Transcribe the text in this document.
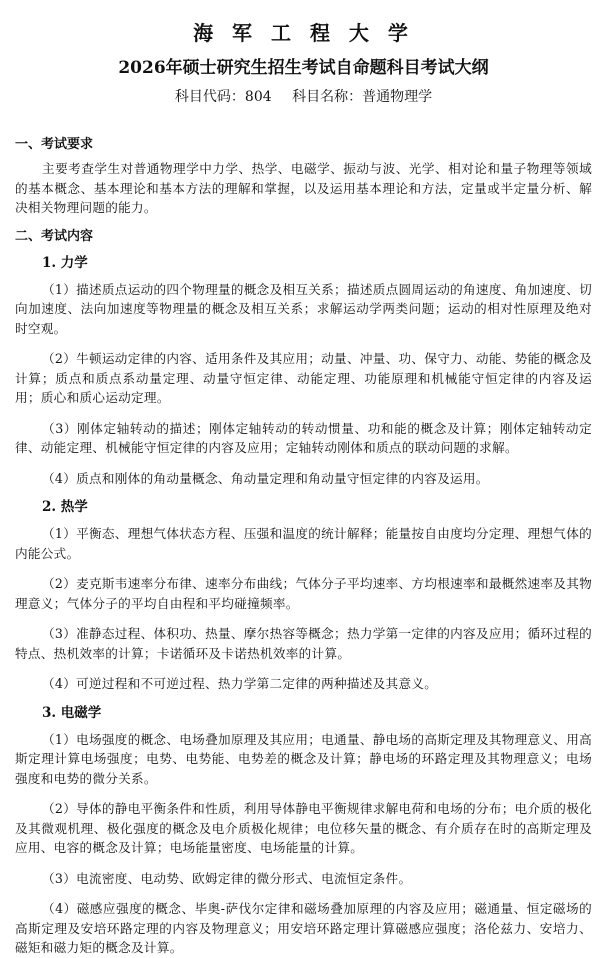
海 军 工 程 大 学
2026年硕士研究生招生考试自命题科目考试大纲
科目代码：804 科目名称：普通物理学
一、考试要求

主要考查学生对普通物理学中力学、热学、电磁学、振动与波、光学、相对论和量子物理等领域的基本概念、基本理论和基本方法的理解和掌握，以及运用基本理论和方法，定量或半定量分析、解决相关物理问题的能力。

二、考试内容
1. 力学

（1）描述质点运动的四个物理量的概念及相互关系；描述质点圆周运动的角速度、角加速度、切向加速度、法向加速度等物理量的概念及相互关系；求解运动学两类问题；运动的相对性原理及绝对时空观。

（2）牛顿运动定律的内容、适用条件及其应用；动量、冲量、功、保守力、动能、势能的概念及计算；质点和质点系动量定理、动量守恒定律、动能定理、功能原理和机械能守恒定律的内容及运用；质心和质心运动定理。

（3）刚体定轴转动的描述；刚体定轴转动的转动惯量、功和能的概念及计算；刚体定轴转动定律、动能定理、机械能守恒定律的内容及应用；定轴转动刚体和质点的联动问题的求解。

（4）质点和刚体的角动量概念、角动量定理和角动量守恒定律的内容及运用。

2. 热学

（1）平衡态、理想气体状态方程、压强和温度的统计解释；能量按自由度均分定理、理想气体的内能公式。

（2）麦克斯韦速率分布律、速率分布曲线；气体分子平均速率、方均根速率和最概然速率及其物理意义；气体分子的平均自由程和平均碰撞频率。

（3）准静态过程、体积功、热量、摩尔热容等概念；热力学第一定律的内容及应用；循环过程的特点、热机效率的计算；卡诺循环及卡诺热机效率的计算。

（4）可逆过程和不可逆过程、热力学第二定律的两种描述及其意义。

3. 电磁学

（1）电场强度的概念、电场叠加原理及其应用；电通量、静电场的高斯定理及其物理意义、用高斯定理计算电场强度；电势、电势能、电势差的概念及计算；静电场的环路定理及其物理意义；电场强度和电势的微分关系。

（2）导体的静电平衡条件和性质，利用导体静电平衡规律求解电荷和电场的分布；电介质的极化及其微观机理、极化强度的概念及电介质极化规律；电位移矢量的概念、有介质存在时的高斯定理及应用、电容的概念及计算；电场能量密度、电场能量的计算。

（3）电流密度、电动势、欧姆定律的微分形式、电流恒定条件。

（4）磁感应强度的概念、毕奥-萨伐尔定律和磁场叠加原理的内容及应用；磁通量、恒定磁场的高斯定理及安培环路定理的内容及物理意义；用安培环路定理计算磁感应强度；洛伦兹力、安培力、磁矩和磁力矩的概念及计算。
